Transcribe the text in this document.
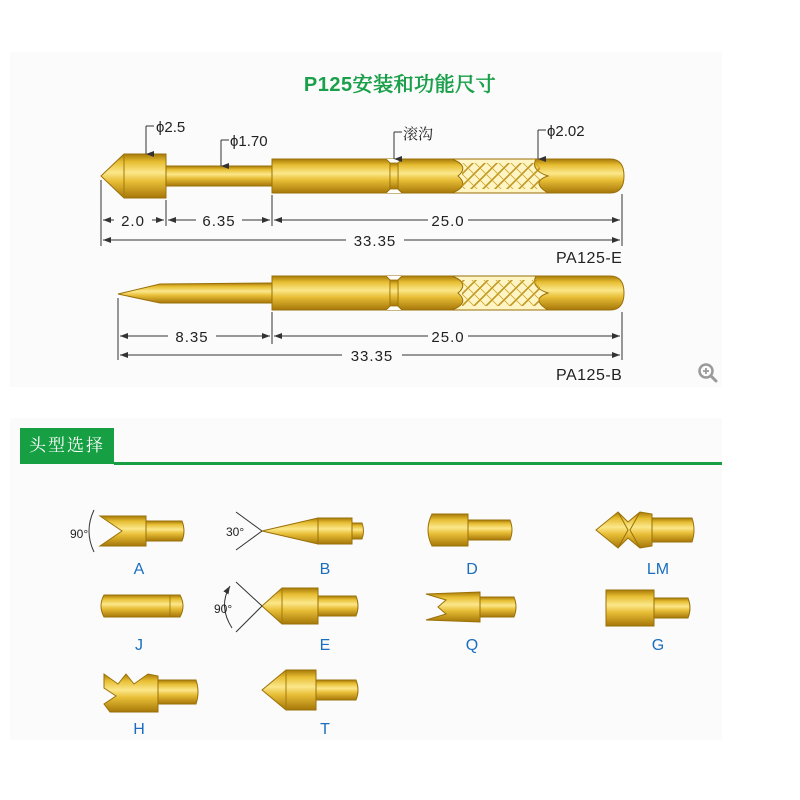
P125安装和功能尺寸
头型选择
ϕ2.5
ϕ1.70	滚沟	ϕ2.02
2.0	6.35	25.0
33.35
PA125-E
8.35	25.0
33.35
PA125-B
90°
A
30°
B	D	LM
J
90°
E	Q	G
H	T
